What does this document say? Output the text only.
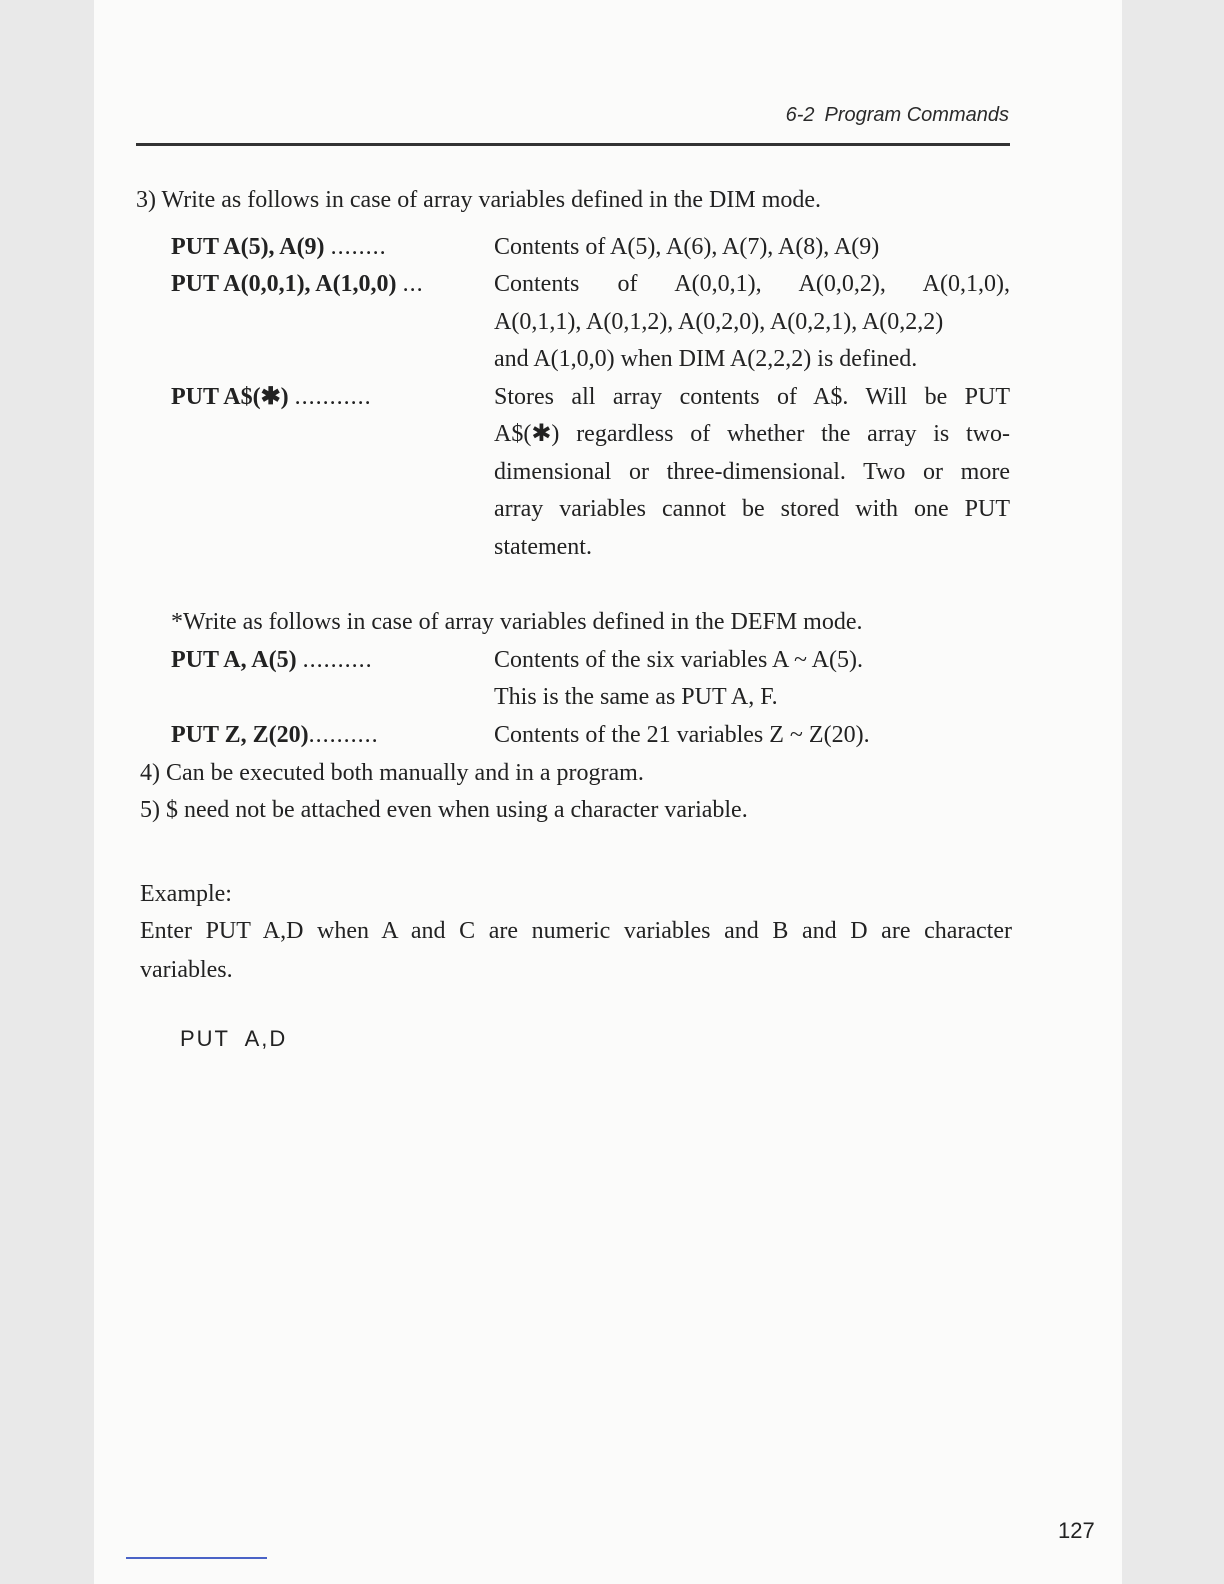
6-2 Program Commands
3) Write as follows in case of array variables defined in the DIM mode.
PUT A(5), A(9) ........	Contents of A(5), A(6), A(7), A(8), A(9)
PUT A(0,0,1), A(1,0,0) ...	Contents of A(0,0,1), A(0,0,2), A(0,1,0),
A(0,1,1), A(0,1,2), A(0,2,0), A(0,2,1), A(0,2,2)
and A(1,0,0) when DIM A(2,2,2) is defined.
PUT A$(✱) ...........	Stores all array contents of A$. Will be PUT
A$(✱) regardless of whether the array is two-
dimensional or three-dimensional. Two or more
array variables cannot be stored with one PUT
statement.
*Write as follows in case of array variables defined in the DEFM mode.
PUT A, A(5) ..........	Contents of the six variables A ~ A(5).
This is the same as PUT A, F.
PUT Z, Z(20)..........	Contents of the 21 variables Z ~ Z(20).
4) Can be executed both manually and in a program.
5) $ need not be attached even when using a character variable.
Example:
Enter PUT A,D when A and C are numeric variables and B and D are character
variables.
PUT  A,D
127
